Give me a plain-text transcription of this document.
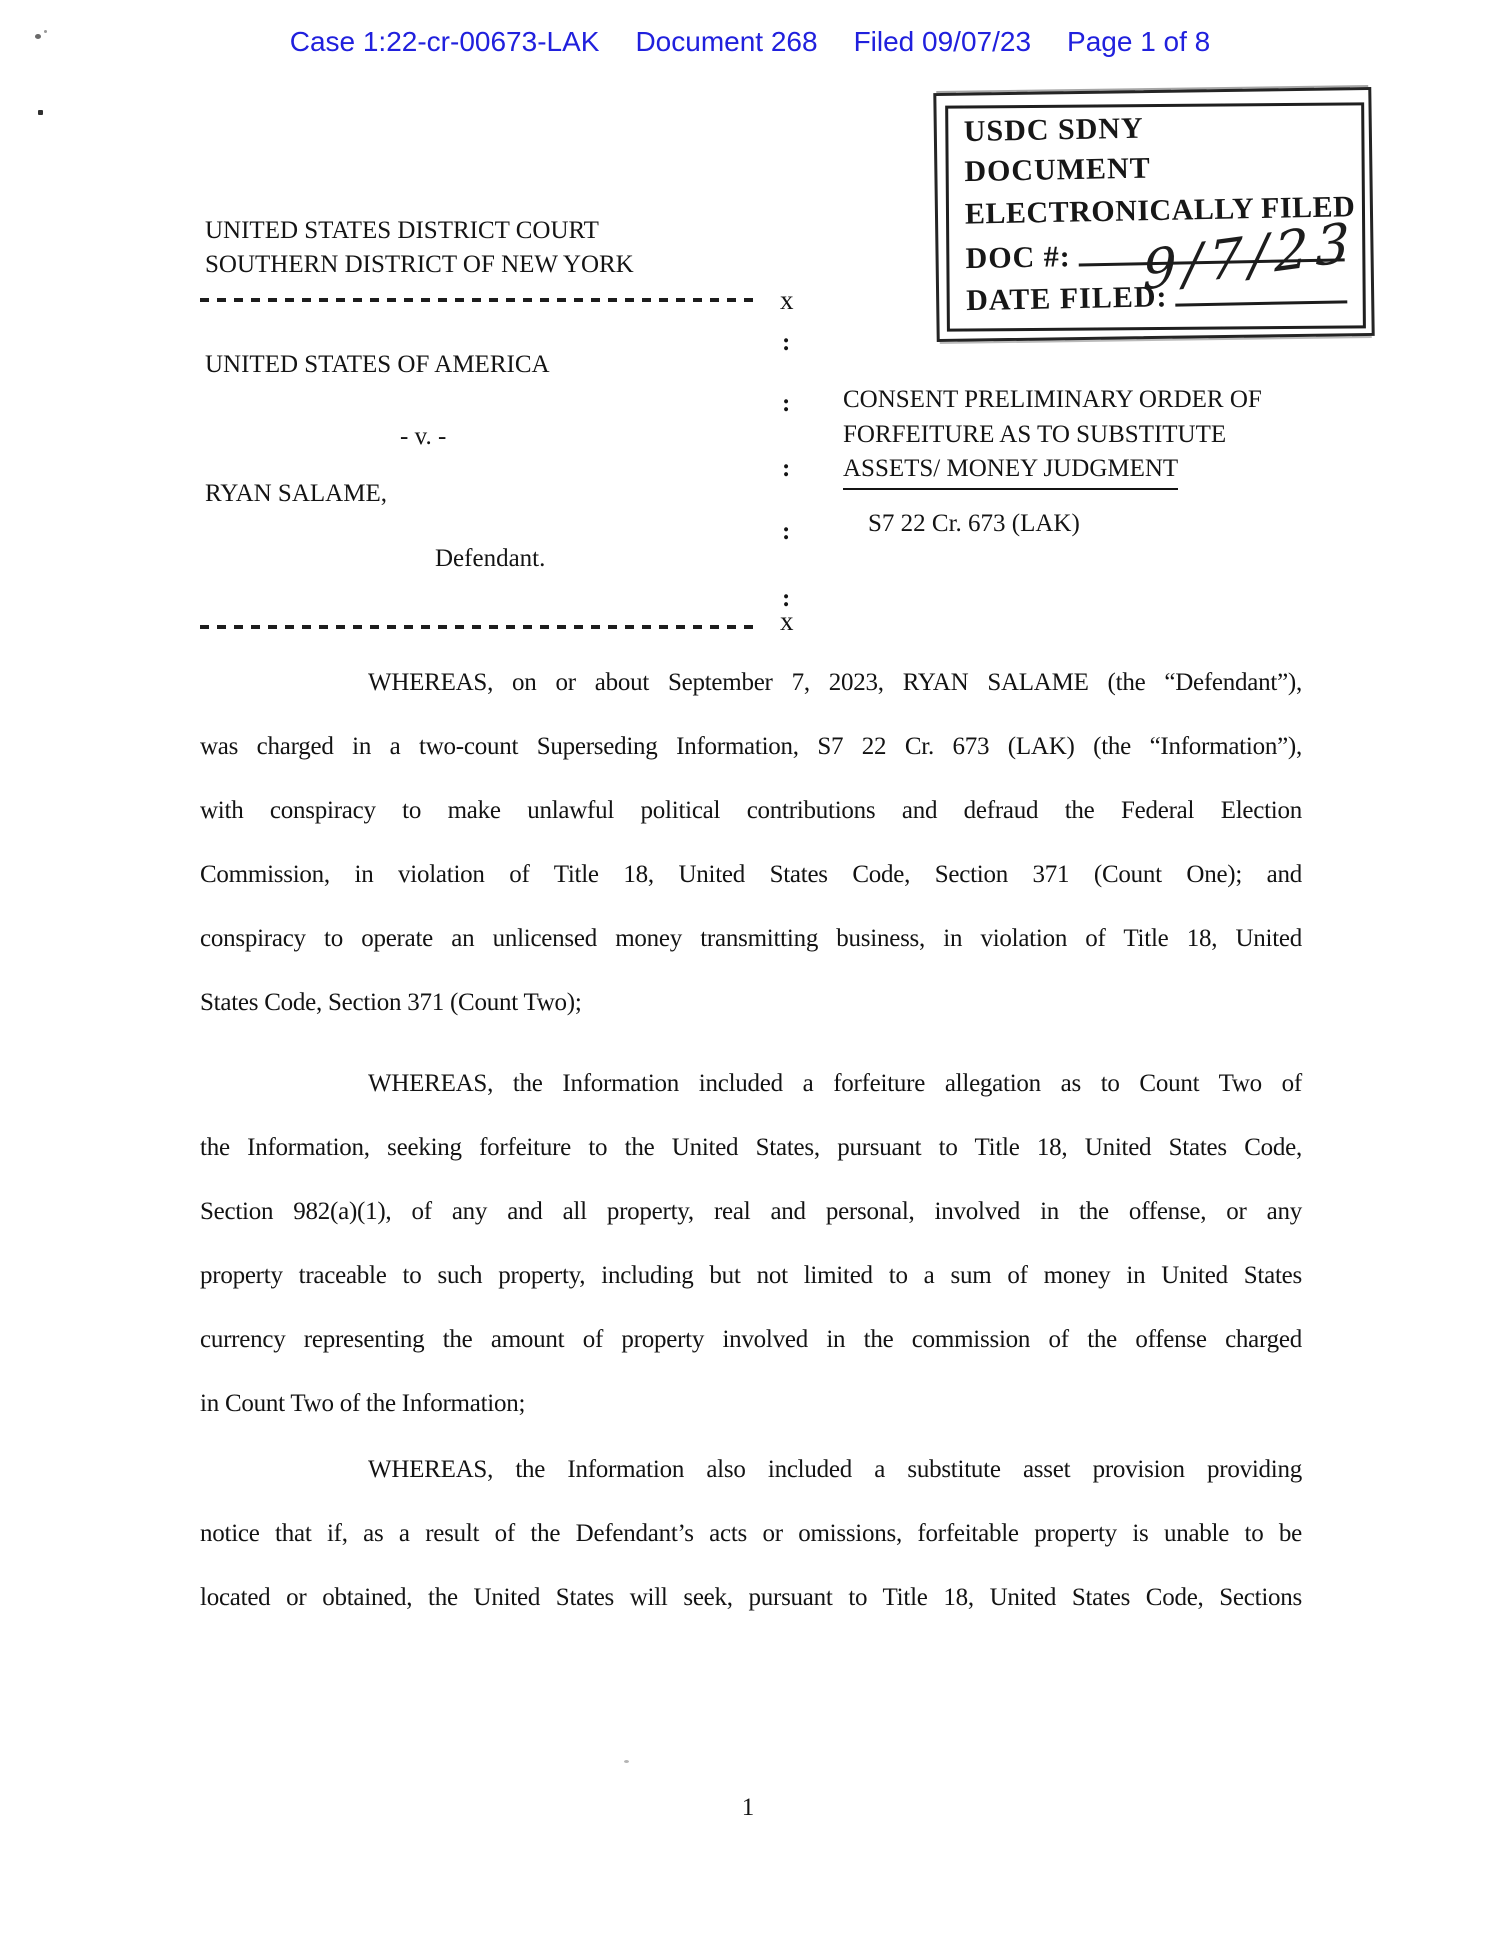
Case 1:22-cr-00673-LAK Document 268 Filed 09/07/23 Page 1 of 8
USDC SDNY
DOCUMENT
ELECTRONICALLY FILED
DOC #:
DATE FILED:
9/7/23
UNITED STATES DISTRICT COURT
SOUTHERN DISTRICT OF NEW YORK
x
UNITED STATES OF AMERICA
- v. -
RYAN SALAME,
Defendant.
:
:
:
:
:
x
CONSENT PRELIMINARY ORDER OF
FORFEITURE AS TO SUBSTITUTE
ASSETS/ MONEY JUDGMENT
S7 22 Cr. 673 (LAK)
WHEREAS, on or about September 7, 2023, RYAN SALAME (the “Defendant”),
was charged in a two-count Superseding Information, S7 22 Cr. 673 (LAK) (the “Information”),
with conspiracy to make unlawful political contributions and defraud the Federal Election
Commission, in violation of Title 18, United States Code, Section 371 (Count One); and
conspiracy to operate an unlicensed money transmitting business, in violation of Title 18, United
States Code, Section 371 (Count Two);
WHEREAS, the Information included a forfeiture allegation as to Count Two of
the Information, seeking forfeiture to the United States, pursuant to Title 18, United States Code,
Section 982(a)(1), of any and all property, real and personal, involved in the offense, or any
property traceable to such property, including but not limited to a sum of money in United States
currency representing the amount of property involved in the commission of the offense charged
in Count Two of the Information;
WHEREAS, the Information also included a substitute asset provision providing
notice that if, as a result of the Defendant’s acts or omissions, forfeitable property is unable to be
located or obtained, the United States will seek, pursuant to Title 18, United States Code, Sections
1
